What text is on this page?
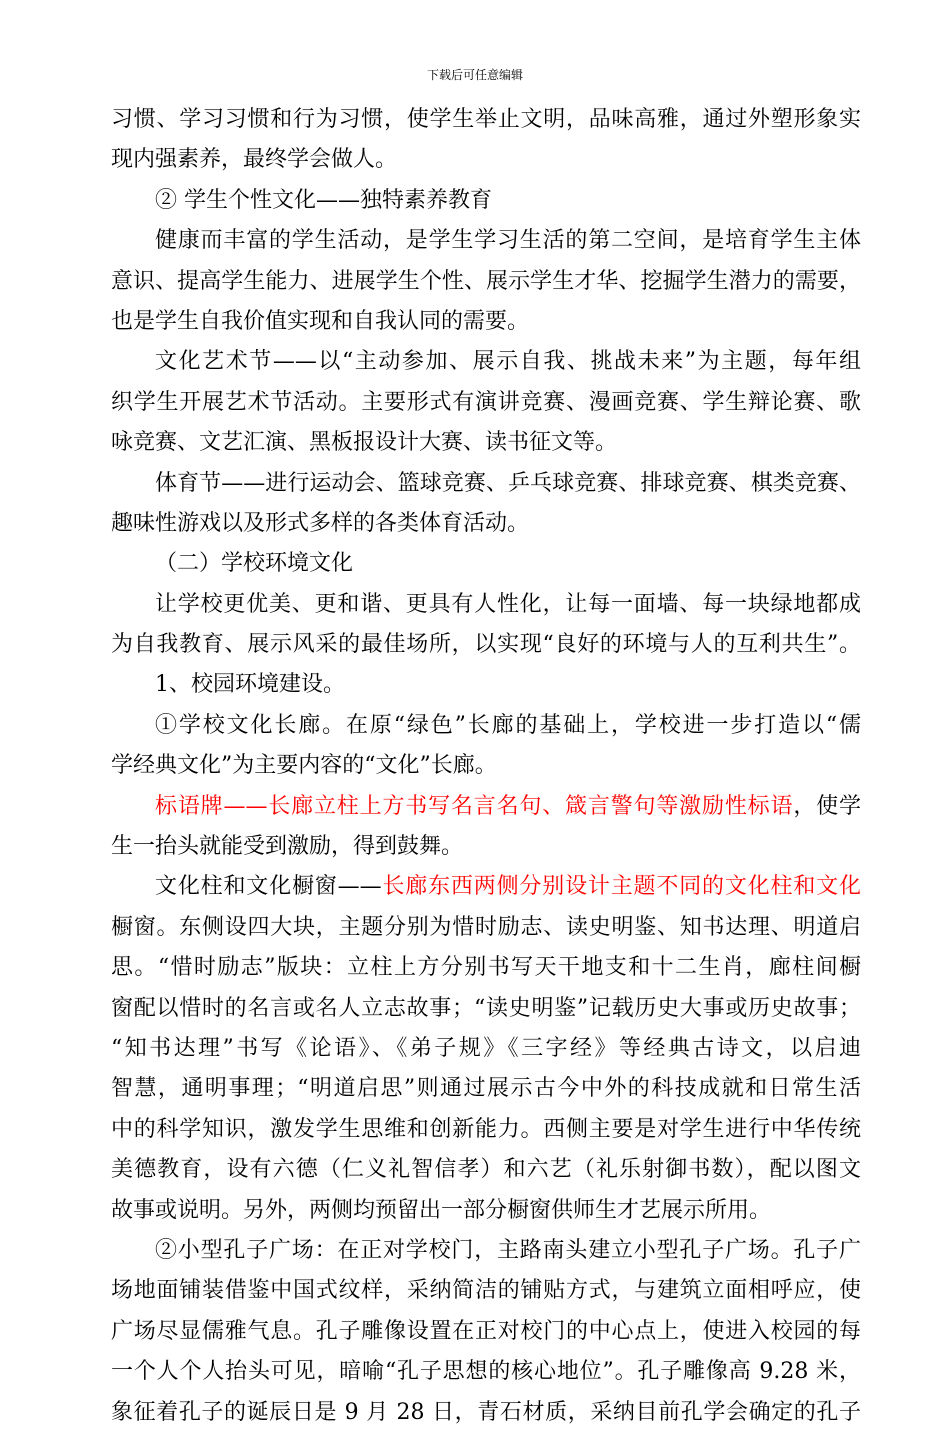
下载后可任意编辑
习惯、学习习惯和行为习惯，使学生举止文明，品味高雅，通过外塑形象实
现内强素养，最终学会做人。
② 学生个性文化——独特素养教育
健康而丰富的学生活动，是学生学习生活的第二空间，是培育学生主体
意识、提高学生能力、进展学生个性、展示学生才华、挖掘学生潜力的需要，
也是学生自我价值实现和自我认同的需要。
文化艺术节——以“主动参加、展示自我、挑战未来”为主题，每年组
织学生开展艺术节活动。主要形式有演讲竞赛、漫画竞赛、学生辩论赛、歌
咏竞赛、文艺汇演、黑板报设计大赛、读书征文等。
体育节——进行运动会、篮球竞赛、乒乓球竞赛、排球竞赛、棋类竞赛、
趣味性游戏以及形式多样的各类体育活动。
（二）学校环境文化
让学校更优美、更和谐、更具有人性化，让每一面墙、每一块绿地都成
为自我教育、展示风采的最佳场所，以实现“良好的环境与人的互利共生”。
1、校园环境建设。
①学校文化长廊。在原“绿色”长廊的基础上，学校进一步打造以“儒
学经典文化”为主要内容的“文化”长廊。
标语牌——长廊立柱上方书写名言名句、箴言警句等激励性标语，使学
生一抬头就能受到激励，得到鼓舞。
文化柱和文化橱窗——长廊东西两侧分别设计主题不同的文化柱和文化
橱窗。东侧设四大块，主题分别为惜时励志、读史明鉴、知书达理、明道启
思。“惜时励志”版块：立柱上方分别书写天干地支和十二生肖，廊柱间橱
窗配以惜时的名言或名人立志故事；“读史明鉴”记载历史大事或历史故事；
“知书达理”书写《论语》、《弟子规》《三字经》等经典古诗文，以启迪
智慧，通明事理；“明道启思”则通过展示古今中外的科技成就和日常生活
中的科学知识，激发学生思维和创新能力。西侧主要是对学生进行中华传统
美德教育，设有六德（仁义礼智信孝）和六艺（礼乐射御书数），配以图文
故事或说明。另外，两侧均预留出一部分橱窗供师生才艺展示所用。
②小型孔子广场：在正对学校门，主路南头建立小型孔子广场。孔子广
场地面铺装借鉴中国式纹样，采纳简洁的铺贴方式，与建筑立面相呼应，使
广场尽显儒雅气息。孔子雕像设置在正对校门的中心点上，使进入校园的每
一个人个人抬头可见，暗喻“孔子思想的核心地位”。孔子雕像高 9.28 米，
象征着孔子的诞辰日是 9 月 28 日，青石材质，采纳目前孔学会确定的孔子
